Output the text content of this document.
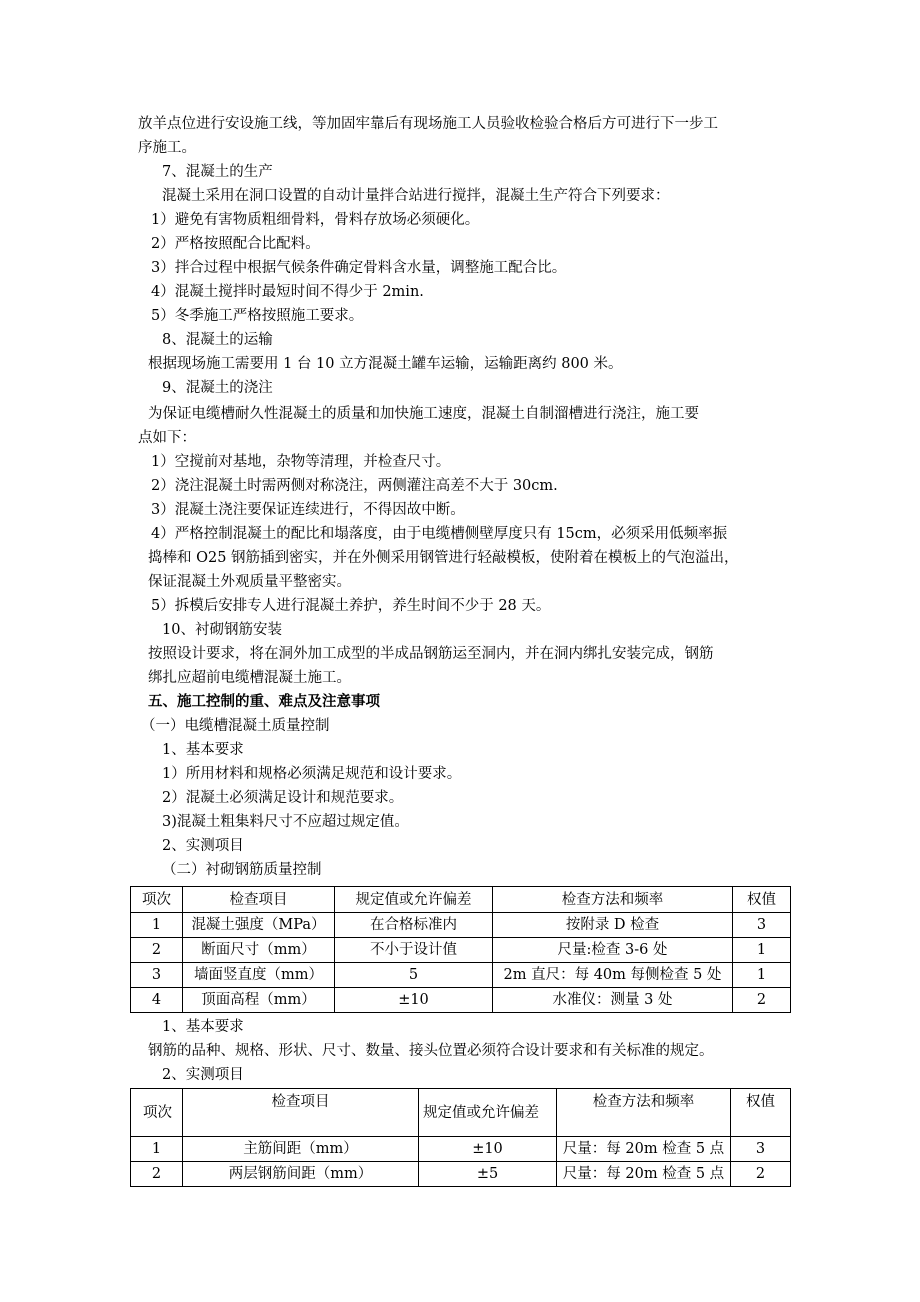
放羊点位进行安设施工线，等加固牢靠后有现场施工人员验收检验合格后方可进行下一步工
序施工。
7、混凝土的生产
混凝土采用在洞口设置的自动计量拌合站进行搅拌，混凝土生产符合下列要求：
1）避免有害物质粗细骨料，骨料存放场必须硬化。
2）严格按照配合比配料。
3）拌合过程中根据气候条件确定骨料含水量，调整施工配合比。
4）混凝土搅拌时最短时间不得少于 2min.
5）冬季施工严格按照施工要求。
8、混凝土的运输
根据现场施工需要用 1 台 10 立方混凝土罐车运输，运输距离约 800 米。
9、混凝土的浇注
为保证电缆槽耐久性混凝土的质量和加快施工速度，混凝土自制溜槽进行浇注，施工要
点如下：
1）空搅前对基地，杂物等清理，并检查尺寸。
2）浇注混凝土时需两侧对称浇注，两侧灌注高差不大于 30cm.
3）混凝土浇注要保证连续进行，不得因故中断。
4）严格控制混凝土的配比和塌落度，由于电缆槽侧壁厚度只有 15cm，必须采用低频率振
捣棒和 O25 钢筋插到密实，并在外侧采用钢管进行轻敲模板，使附着在模板上的气泡溢出，
保证混凝土外观质量平整密实。
5）拆模后安排专人进行混凝土养护，养生时间不少于 28 天。
10、衬砌钢筋安装
按照设计要求，将在洞外加工成型的半成品钢筋运至洞内，并在洞内绑扎安装完成，钢筋
绑扎应超前电缆槽混凝土施工。
五、施工控制的重、难点及注意事项
（一）电缆槽混凝土质量控制
1、基本要求
1）所用材料和规格必须满足规范和设计要求。
2）混凝土必须满足设计和规范要求。
3)混凝土粗集料尺寸不应超过规定值。
2、实测项目
（二）衬砌钢筋质量控制
项次	检查项目	规定值或允许偏差	检查方法和频率	权值
1	混凝土强度（MPa）	在合格标准内	按附录 D 检查	3
2	断面尺寸（mm）	不小于设计值	尺量:检查 3-6 处	1
3	墙面竖直度（mm）	5	2m 直尺：每 40m 每侧检查 5 处	1
4	顶面高程（mm）	±10	水准仪：测量 3 处	2
1、基本要求
钢筋的品种、规格、形状、尺寸、数量、接头位置必须符合设计要求和有关标准的规定。
2、实测项目
项次	检查项目	规定值或允许偏差	检查方法和频率	权值
1	主筋间距（mm）	±10	尺量：每 20m 检查 5 点	3
2	两层钢筋间距（mm）	±5	尺量：每 20m 检查 5 点	2
